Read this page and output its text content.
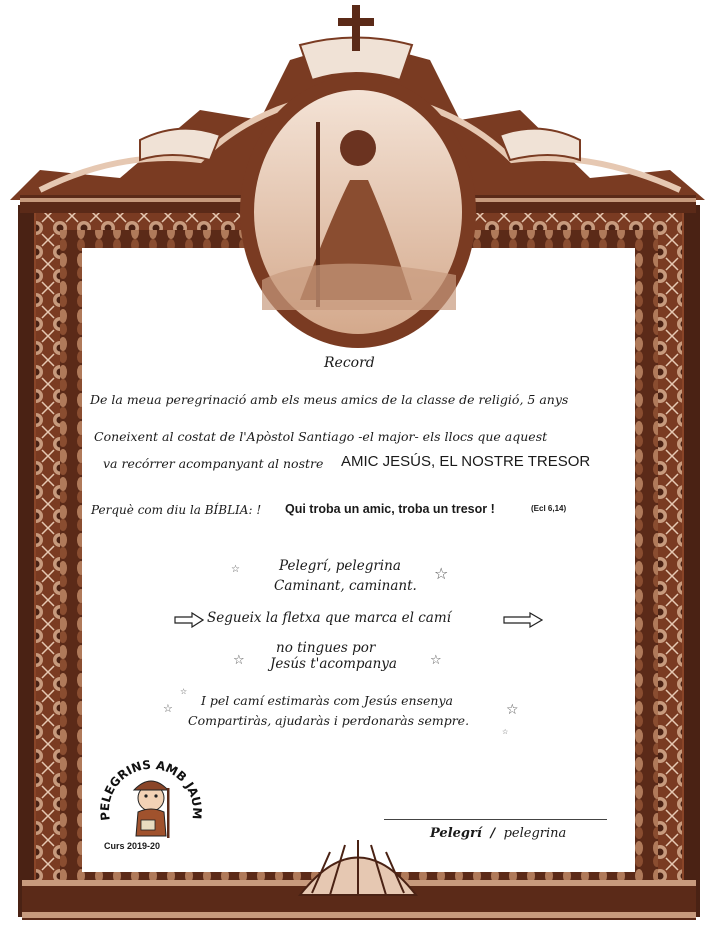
Record
De la meua peregrinació amb els meus amics de la classe de religió, 5 anys
Coneixent al costat de l'Apòstol Santiago -el major- els llocs que aquest
va recórrer acompanyant al nostre AMIC JESÚS, EL NOSTRE TRESOR
Perquè com diu la BÍBLIA: ! Qui troba un amic, troba un tresor !	(Ecl 6,14)
Pelegrí, pelegrina
Caminant, caminant.
Segueix la fletxa que marca el camí
no tingues por
Jesús t'acompanya
I pel camí estimaràs com Jesús ensenya
Compartiràs, ajudaràs i perdonaràs sempre.
☆	☆
☆	☆
☆
☆	☆
☆
Pelegrí / pelegrina
PELEGRINS AMB JAUM
Curs 2019-20
